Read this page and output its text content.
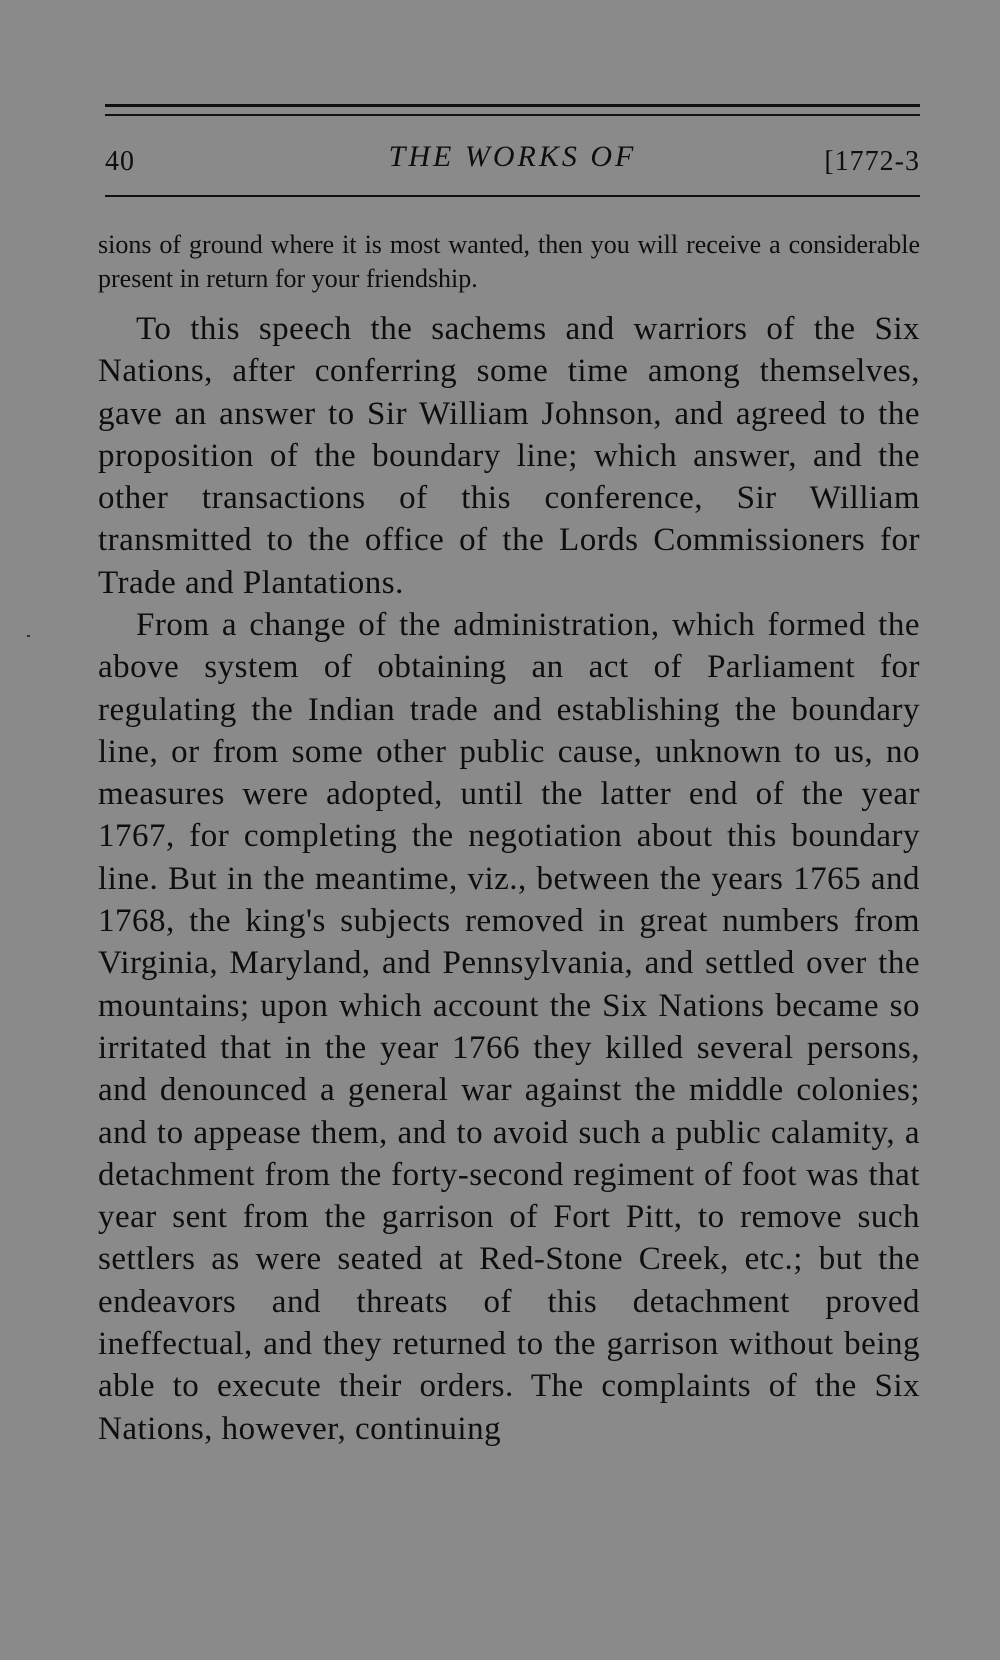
40	THE WORKS OF	[1772-3
sions of ground where it is most wanted, then you will receive a considerable present in return for your friendship.

To this speech the sachems and warriors of the Six Nations, after conferring some time among themselves, gave an answer to Sir William Johnson, and agreed to the proposition of the boundary line; which answer, and the other transactions of this conference, Sir William transmitted to the office of the Lords Commissioners for Trade and Plantations.

From a change of the administration, which formed the above system of obtaining an act of Parliament for regulating the Indian trade and establishing the boundary line, or from some other public cause, unknown to us, no measures were adopted, until the latter end of the year 1767, for completing the negotiation about this boundary line. But in the meantime, viz., between the years 1765 and 1768, the king's subjects removed in great numbers from Virginia, Maryland, and Pennsylvania, and settled over the mountains; upon which account the Six Nations became so irritated that in the year 1766 they killed several persons, and denounced a general war against the middle colonies; and to appease them, and to avoid such a public calamity, a detachment from the forty-second regiment of foot was that year sent from the garrison of Fort Pitt, to remove such settlers as were seated at Red-Stone Creek, etc.; but the endeavors and threats of this detachment proved ineffectual, and they returned to the garrison without being able to execute their orders. The complaints of the Six Nations, however, continuing
